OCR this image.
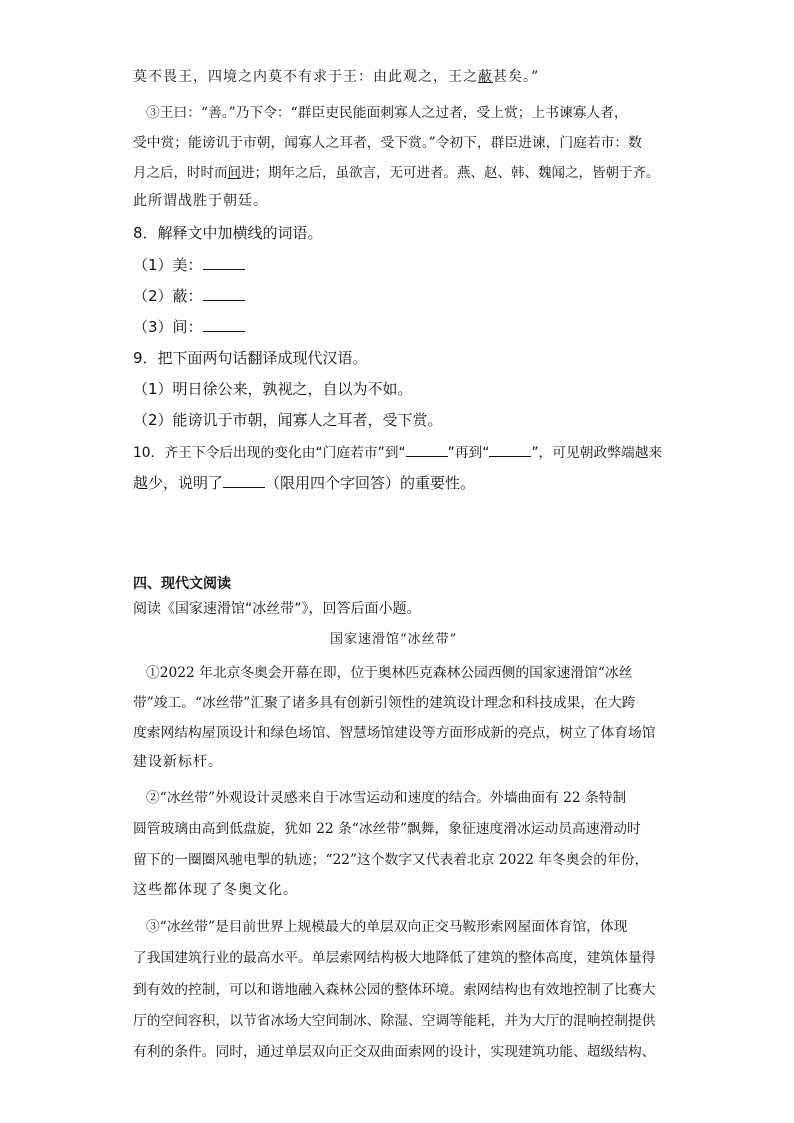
莫不畏王，四境之内莫不有求于王：由此观之，王之蔽甚矣。”
③王曰：“善。”乃下令：“群臣吏民能面刺寡人之过者，受上赏；上书谏寡人者，
受中赏；能谤讥于市朝，闻寡人之耳者，受下赏。”令初下，群臣进谏，门庭若市：数
月之后，时时而间进；期年之后，虽欲言，无可进者。燕、赵、韩、魏闻之，皆朝于齐。
此所谓战胜于朝廷。
8．解释文中加横线的词语。
（1）美：
（2）蔽：
（3）间：
9．把下面两句话翻译成现代汉语。
（1）明日徐公来，孰视之，自以为不如。
（2）能谤讥于市朝，闻寡人之耳者，受下赏。
10．齐王下令后出现的变化由“门庭若市”到“	”再到“	”，可见朝政弊端越来
越少，说明了	（限用四个字回答）的重要性。
四、现代文阅读
阅读《国家速滑馆“冰丝带”》，回答后面小题。
国家速滑馆“冰丝带”
①2022 年北京冬奥会开幕在即，位于奥林匹克森林公园西侧的国家速滑馆“冰丝
带”竣工。“冰丝带”汇聚了诸多具有创新引领性的建筑设计理念和科技成果，在大跨
度索网结构屋顶设计和绿色场馆、智慧场馆建设等方面形成新的亮点，树立了体育场馆
建设新标杆。
②“冰丝带”外观设计灵感来自于冰雪运动和速度的结合。外墙曲面有 22 条特制
圆管玻璃由高到低盘旋，犹如 22 条“冰丝带”飘舞，象征速度滑冰运动员高速滑动时
留下的一圈圈风驰电掣的轨迹；“22”这个数字又代表着北京 2022 年冬奥会的年份，
这些都体现了冬奥文化。
③“冰丝带”是目前世界上规模最大的单层双向正交马鞍形索网屋面体育馆，体现
了我国建筑行业的最高水平。单层索网结构极大地降低了建筑的整体高度，建筑体量得
到有效的控制，可以和谐地融入森林公园的整体环境。索网结构也有效地控制了比赛大
厅的空间容积，以节省冰场大空间制冰、除湿、空调等能耗，并为大厅的混响控制提供
有利的条件。同时，通过单层双向正交双曲面索网的设计，实现建筑功能、超级结构、
